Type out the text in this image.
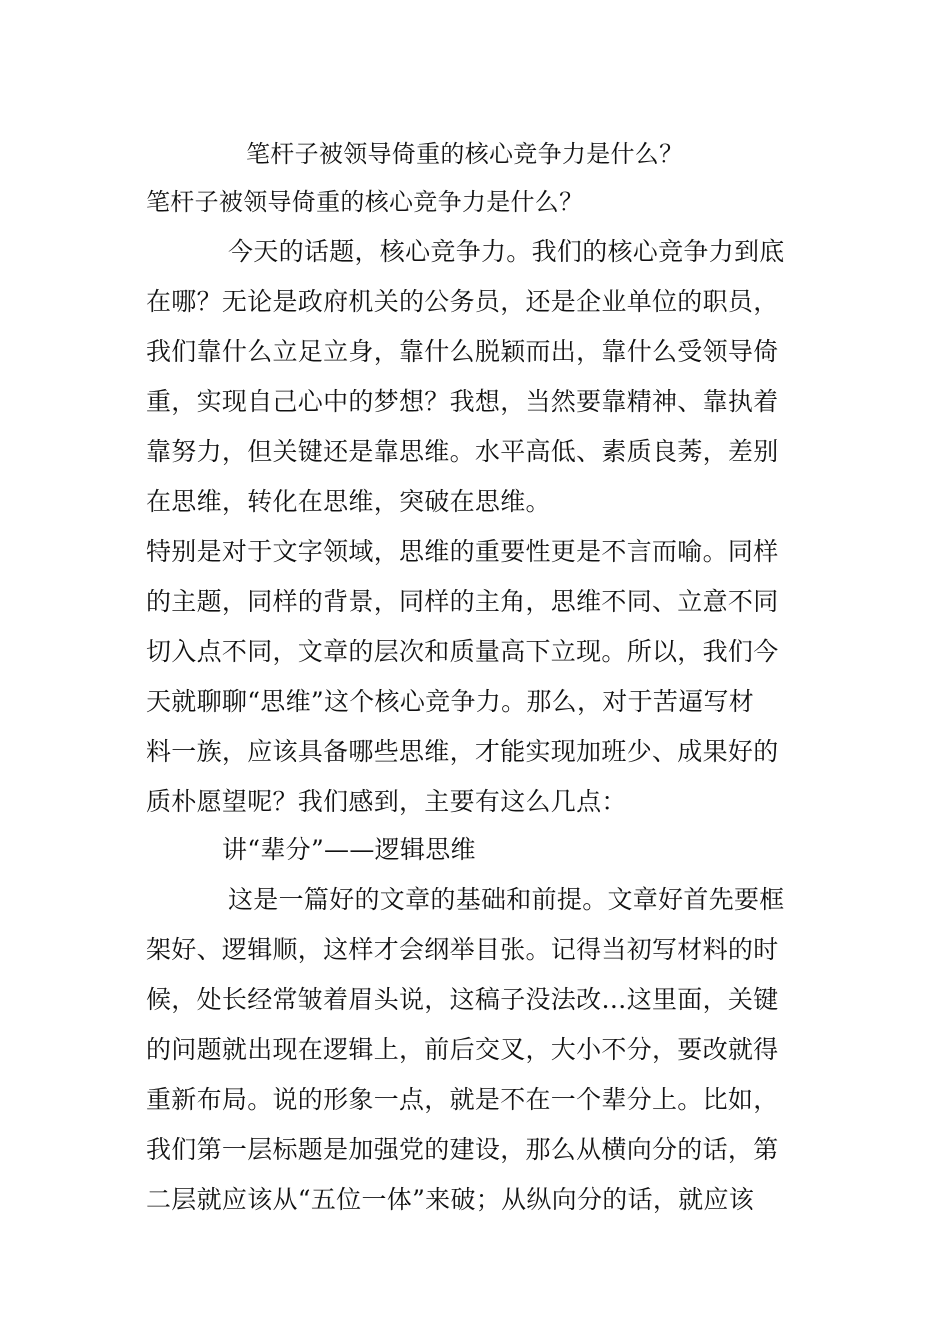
笔杆子被领导倚重的核心竞争力是什么？
笔杆子被领导倚重的核心竞争力是什么？
今天的话题，核心竞争力。我们的核心竞争力到底
在哪？无论是政府机关的公务员，还是企业单位的职员，
我们靠什么立足立身，靠什么脱颖而出，靠什么受领导倚
重，实现自己心中的梦想？我想，当然要靠精神、靠执着
靠努力，但关键还是靠思维。水平高低、素质良莠，差别
在思维，转化在思维，突破在思维。
特别是对于文字领域，思维的重要性更是不言而喻。同样
的主题，同样的背景，同样的主角，思维不同、立意不同
切入点不同，文章的层次和质量高下立现。所以，我们今
天就聊聊“思维”这个核心竞争力。那么，对于苦逼写材
料一族，应该具备哪些思维，才能实现加班少、成果好的
质朴愿望呢？我们感到，主要有这么几点：
讲“辈分”——逻辑思维
这是一篇好的文章的基础和前提。文章好首先要框
架好、逻辑顺，这样才会纲举目张。记得当初写材料的时
候，处长经常皱着眉头说，这稿子没法改…这里面，关键
的问题就出现在逻辑上，前后交叉，大小不分，要改就得
重新布局。说的形象一点，就是不在一个辈分上。比如，
我们第一层标题是加强党的建设，那么从横向分的话，第
二层就应该从“五位一体”来破；从纵向分的话，就应该
